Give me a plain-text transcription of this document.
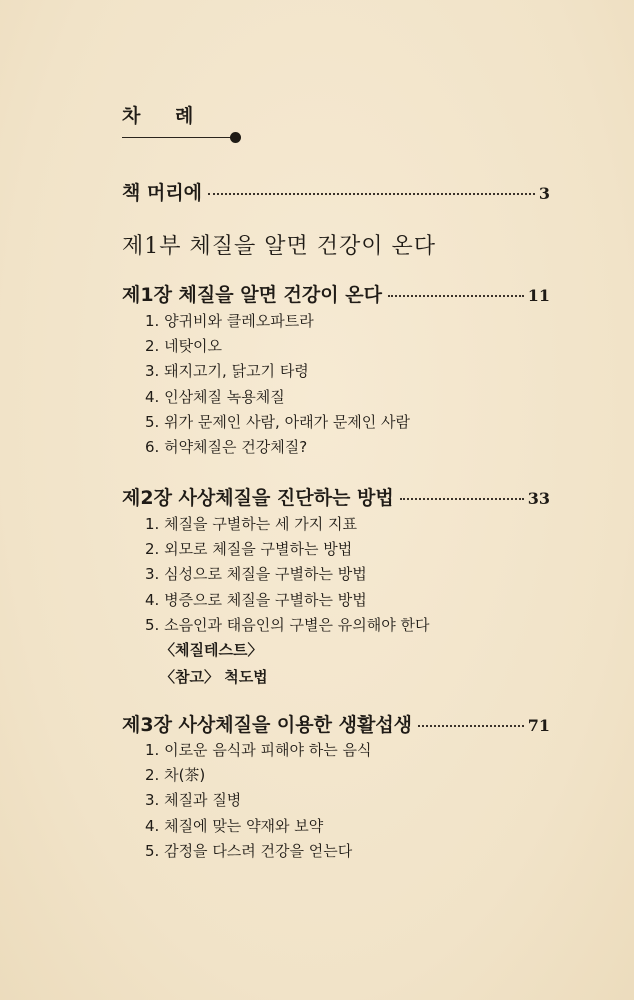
차 례
책 머리에	3
제1부 체질을 알면 건강이 온다
제1장 체질을 알면 건강이 온다	11
1. 양귀비와 클레오파트라
2. 네탓이오
3. 돼지고기, 닭고기 타령
4. 인삼체질 녹용체질
5. 위가 문제인 사람, 아래가 문제인 사람
6. 허약체질은 건강체질?
제2장 사상체질을 진단하는 방법	33
1. 체질을 구별하는 세 가지 지표
2. 외모로 체질을 구별하는 방법
3. 심성으로 체질을 구별하는 방법
4. 병증으로 체질을 구별하는 방법
5. 소음인과 태음인의 구별은 유의해야 한다
〈체질테스트〉
〈참고〉 척도법
제3장 사상체질을 이용한 생활섭생	71
1. 이로운 음식과 피해야 하는 음식
2. 차(茶)
3. 체질과 질병
4. 체질에 맞는 약재와 보약
5. 감정을 다스려 건강을 얻는다
